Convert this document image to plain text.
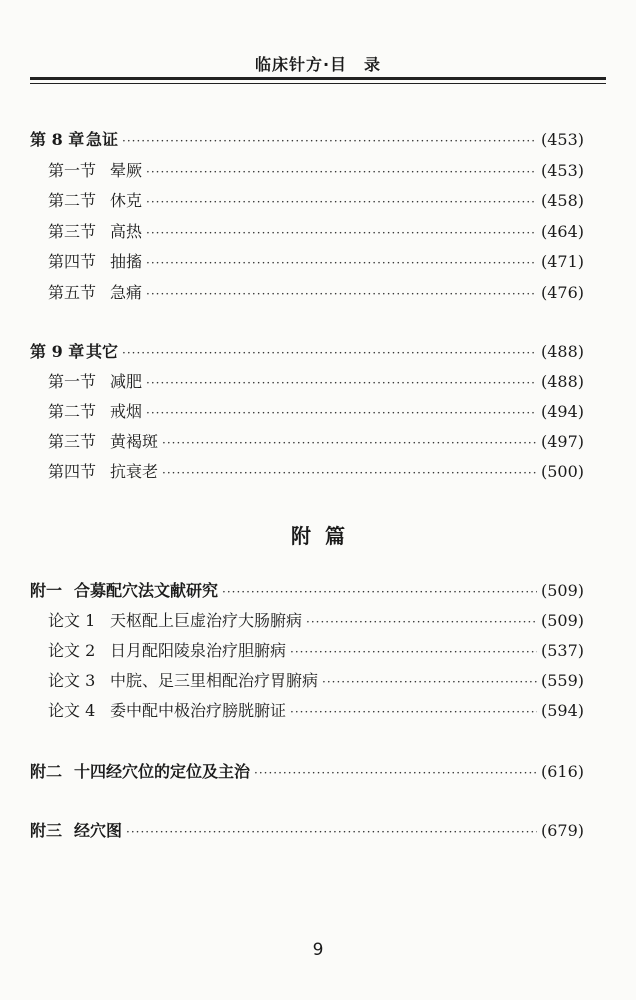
临床针方·目　录
第 8 章 急证 ·····	(453)
第一节 晕厥 ·····	(453)
第二节 休克 ·····	(458)
第三节 高热 ·····	(464)
第四节 抽搐 ·····	(471)
第五节 急痛 ·····	(476)
第 9 章 其它 ·····	(488)
第一节 减肥 ·····	(488)
第二节 戒烟 ·····	(494)
第三节 黄褐斑 ·····	(497)
第四节 抗衰老 ·····	(500)
附篇
附一 合募配穴法文献研究 ·····	(509)
论文 1 天枢配上巨虚治疗大肠腑病 ·····	(509)
论文 2 日月配阳陵泉治疗胆腑病 ·····	(537)
论文 3 中脘、足三里相配治疗胃腑病 ·····	(559)
论文 4 委中配中极治疗膀胱腑证 ·····	(594)
附二 十四经穴位的定位及主治 ·····	(616)
附三 经穴图 ·····	(679)
9
